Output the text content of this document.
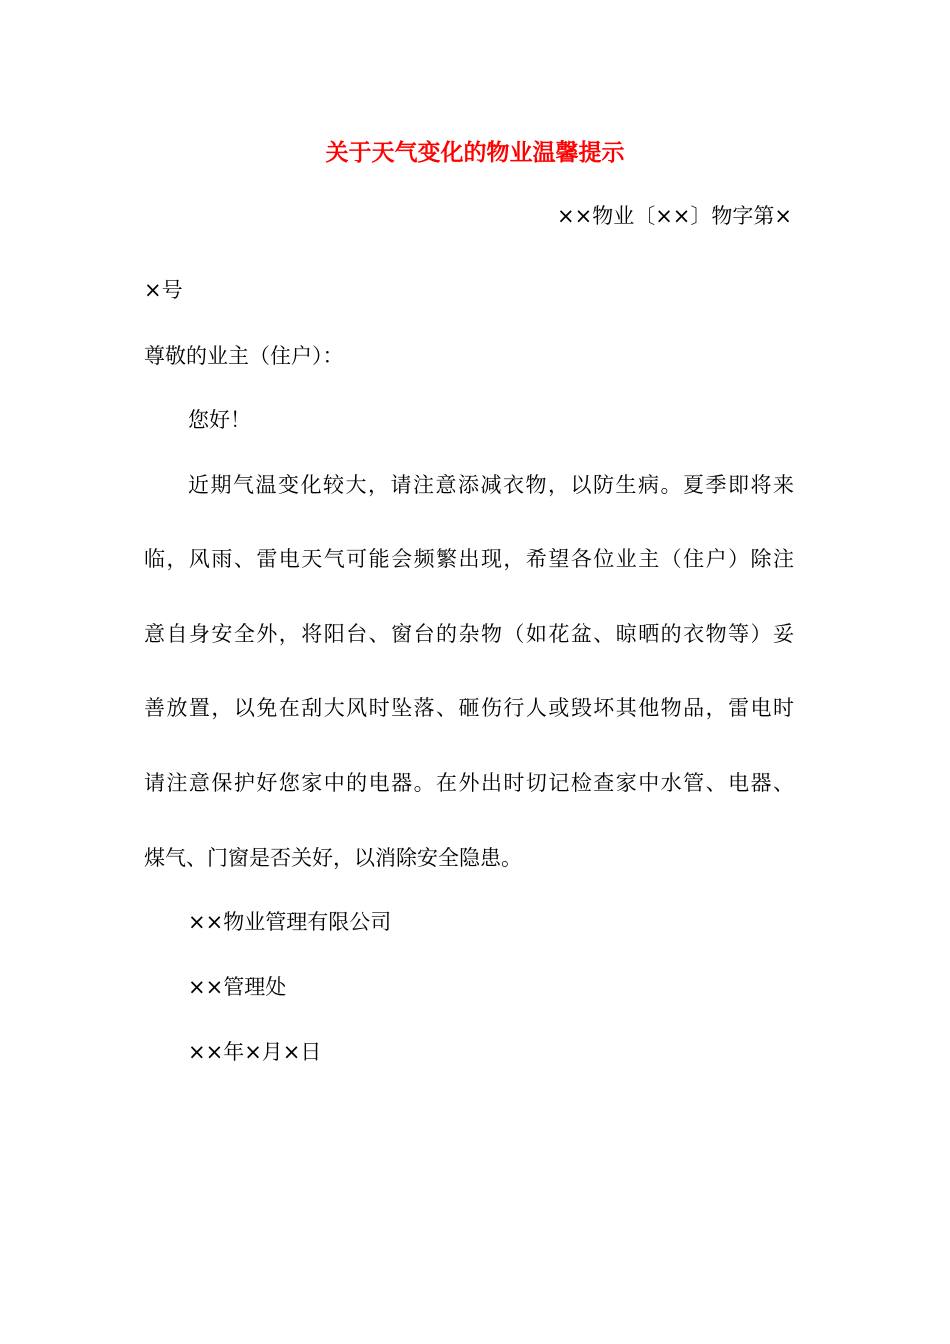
关于天气变化的物业温馨提示
××物业〔××〕物字第×
×号
尊敬的业主（住户）：
您好！
近期气温变化较大，请注意添减衣物，以防生病。夏季即将来
临，风雨、雷电天气可能会频繁出现，希望各位业主（住户）除注
意自身安全外，将阳台、窗台的杂物（如花盆、晾晒的衣物等）妥
善放置，以免在刮大风时坠落、砸伤行人或毁坏其他物品，雷电时
请注意保护好您家中的电器。在外出时切记检查家中水管、电器、
煤气、门窗是否关好，以消除安全隐患。
××物业管理有限公司
××管理处
××年×月×日
